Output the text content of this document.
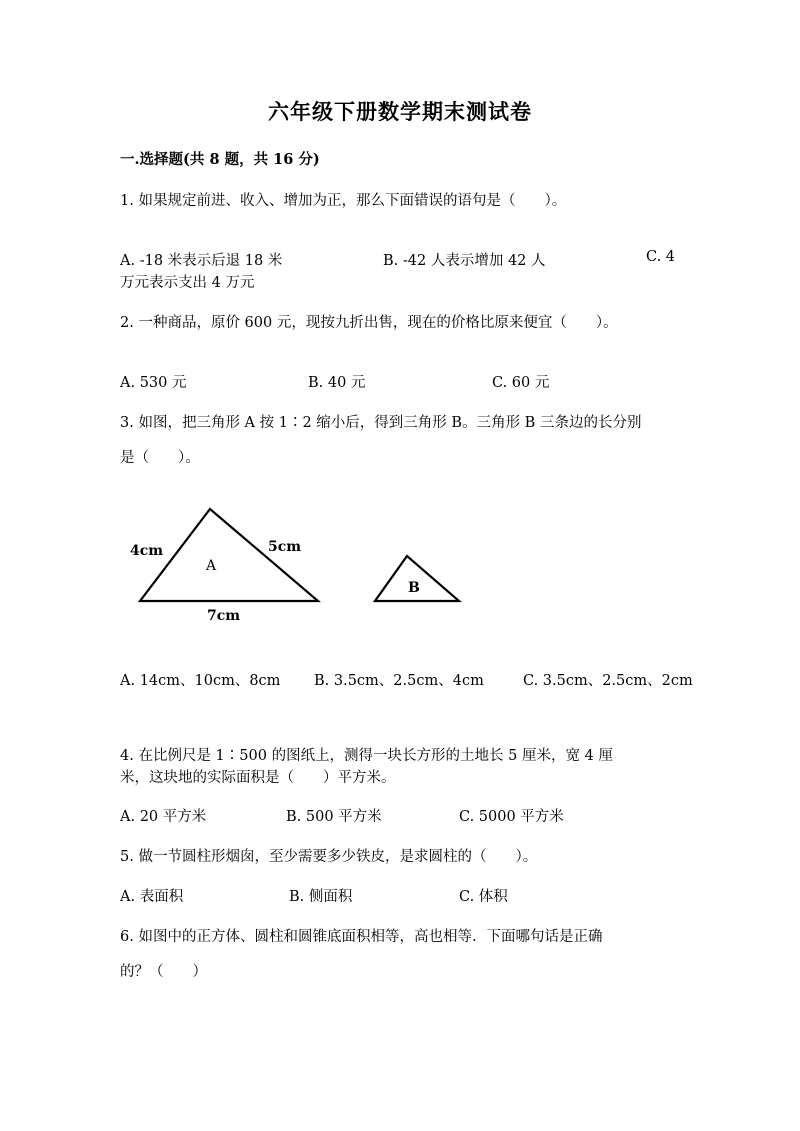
六年级下册数学期末测试卷
一.选择题(共 8 题，共 16 分)
1. 如果规定前进、收入、增加为正，那么下面错误的语句是（　　）。
A. -18 米表示后退 18 米	B. -42 人表示增加 42 人	C. 4
万元表示支出 4 万元
2. 一种商品，原价 600 元，现按九折出售，现在的价格比原来便宜（　　）。
A. 530 元	B. 40 元	C. 60 元
3. 如图，把三角形 A 按 1∶2 缩小后，得到三角形 B。三角形 B 三条边的长分别
是（　　）。
4cm	5cm
7cm
A
B
A. 14cm、10cm、8cm B. 3.5cm、2.5cm、4cm	C. 3.5cm、2.5cm、2cm
4. 在比例尺是 1∶500 的图纸上，测得一块长方形的土地长 5 厘米，宽 4 厘
米，这块地的实际面积是（　　）平方米。
A. 20 平方米	B. 500 平方米	C. 5000 平方米
5. 做一节圆柱形烟囱，至少需要多少铁皮，是求圆柱的（　　）。
A. 表面积	B. 侧面积	C. 体积
6. 如图中的正方体、圆柱和圆锥底面积相等，高也相等．下面哪句话是正确
的？（　　）
